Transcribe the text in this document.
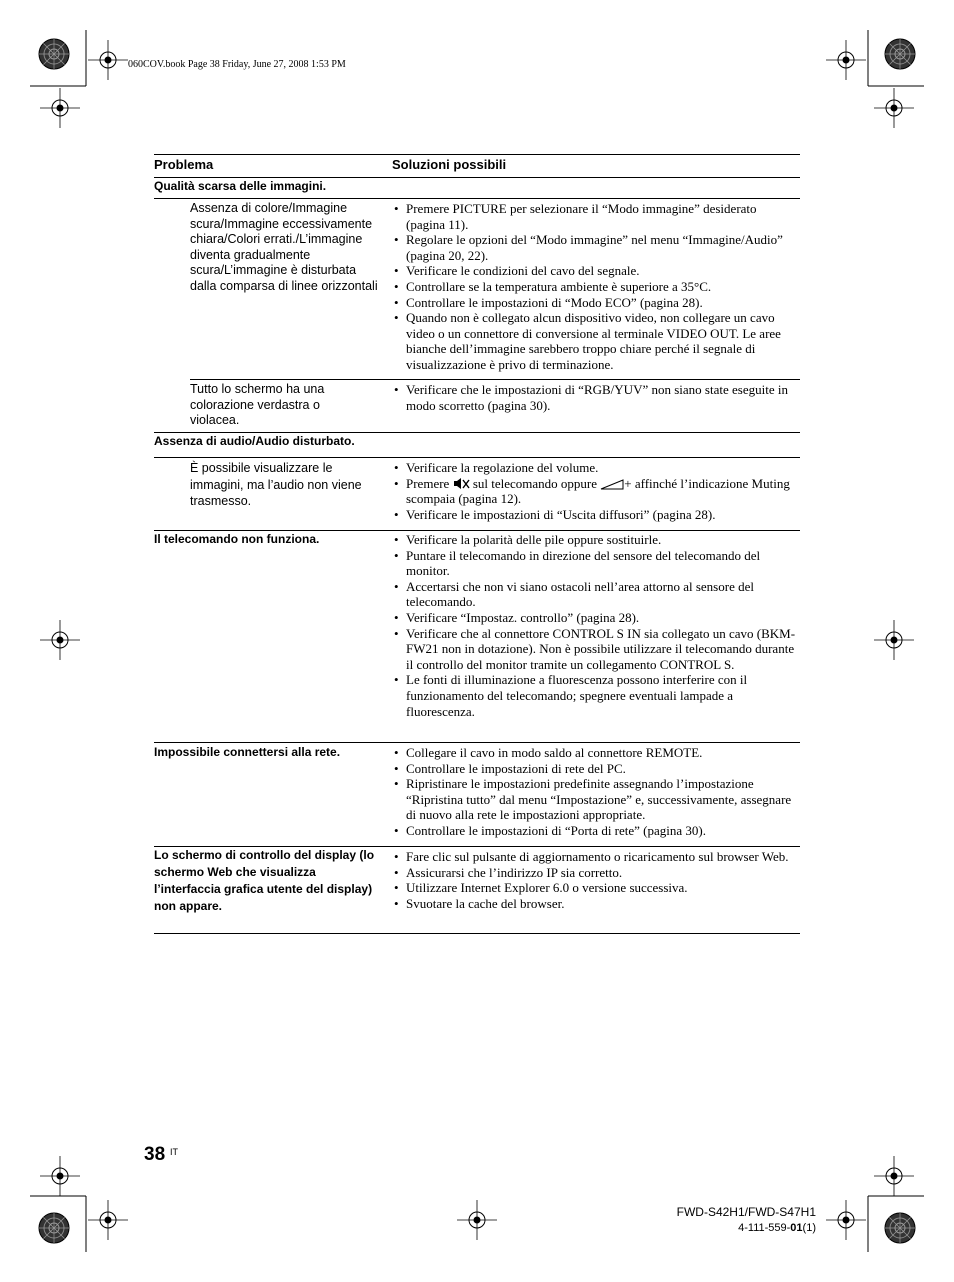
060COV.book Page 38 Friday, June 27, 2008 1:53 PM
Problema	Soluzioni possibili
Qualità scarsa delle immagini.
Assenza di colore/Immagine scura/Immagine eccessivamente chiara/Colori errati./L’immagine diventa gradualmente scura/L’immagine è disturbata dalla comparsa di linee orizzontali
• Premere PICTURE per selezionare il “Modo immagine” desiderato (pagina 11).
• Regolare le opzioni del “Modo immagine” nel menu “Immagine/Audio” (pagina 20, 22).
• Verificare le condizioni del cavo del segnale.
• Controllare se la temperatura ambiente è superiore a 35°C.
• Controllare le impostazioni di “Modo ECO” (pagina 28).
• Quando non è collegato alcun dispositivo video, non collegare un cavo video o un connettore di conversione al terminale VIDEO OUT. Le aree bianche dell’immagine sarebbero troppo chiare perché il segnale di visualizzazione è privo di terminazione.
Tutto lo schermo ha una colorazione verdastra o violacea.
• Verificare che le impostazioni di “RGB/YUV” non siano state eseguite in modo scorretto (pagina 30).
Assenza di audio/Audio disturbato.
È possibile visualizzare le immagini, ma l’audio non viene trasmesso.
• Verificare la regolazione del volume.
• Premere sul telecomando oppure + affinché l’indicazione Muting scompaia (pagina 12).
• Verificare le impostazioni di “Uscita diffusori” (pagina 28).
Il telecomando non funziona.	• Verificare la polarità delle pile oppure sostituirle.
• Puntare il telecomando in direzione del sensore del telecomando del monitor.
• Accertarsi che non vi siano ostacoli nell’area attorno al sensore del telecomando.
• Verificare “Impostaz. controllo” (pagina 28).
• Verificare che al connettore CONTROL S IN sia collegato un cavo (BKM-FW21 non in dotazione). Non è possibile utilizzare il telecomando durante il controllo del monitor tramite un collegamento CONTROL S.
• Le fonti di illuminazione a fluorescenza possono interferire con il funzionamento del telecomando; spegnere eventuali lampade a fluorescenza.
Impossibile connettersi alla rete.	• Collegare il cavo in modo saldo al connettore REMOTE.
• Controllare le impostazioni di rete del PC.
• Ripristinare le impostazioni predefinite assegnando l’impostazione “Ripristina tutto” dal menu “Impostazione” e, successivamente, assegnare di nuovo alla rete le impostazioni appropriate.
• Controllare le impostazioni di “Porta di rete” (pagina 30).
Lo schermo di controllo del display (lo schermo Web che visualizza l’interfaccia grafica utente del display) non appare.
• Fare clic sul pulsante di aggiornamento o ricaricamento sul browser Web.
• Assicurarsi che l’indirizzo IP sia corretto.
• Utilizzare Internet Explorer 6.0 o versione successiva.
• Svuotare la cache del browser.
38 IT
FWD-S42H1/FWD-S47H1
4-111-559-01(1)
